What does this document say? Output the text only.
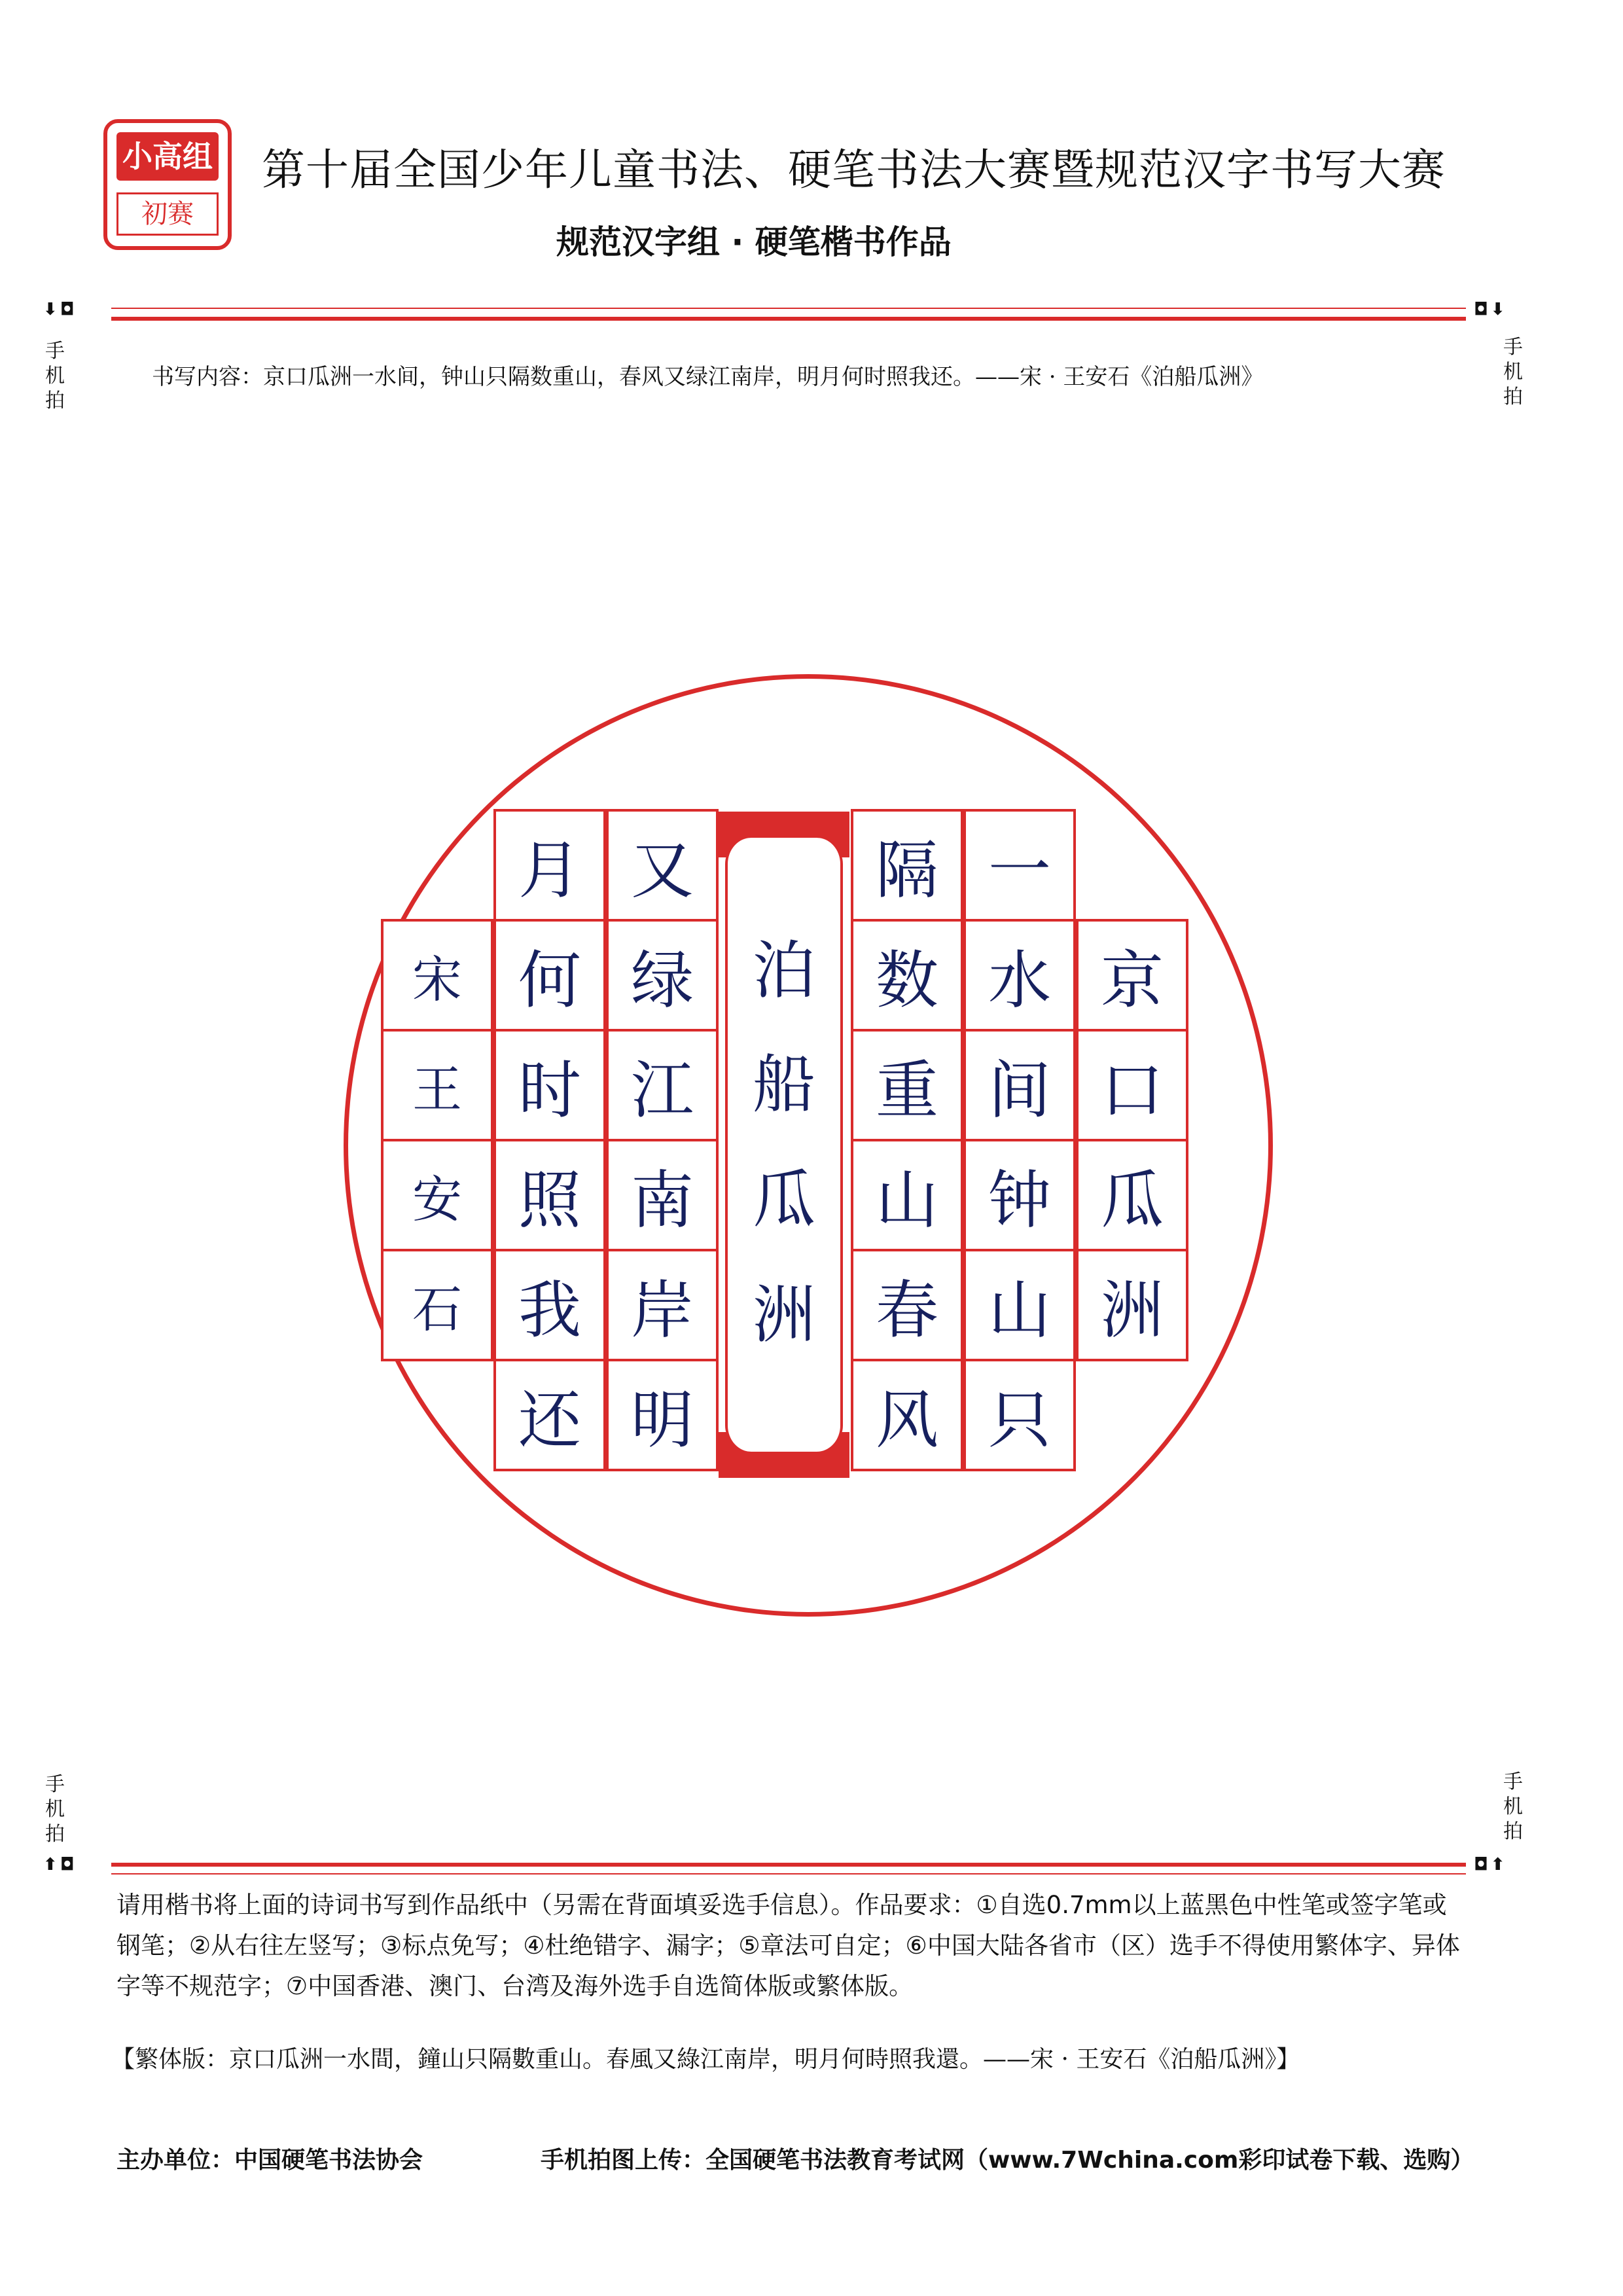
小高组
初赛
第十届全国少年儿童书法、硬笔书法大赛暨规范汉字书写大赛
规范汉字组 · 硬笔楷书作品
⬇◘
手机拍
◘⬇
手机拍
书写内容：京口瓜洲一水间，钟山只隔数重山，春风又绿江南岸，明月何时照我还。——宋 · 王安石《泊船瓜洲》
京
口
瓜
洲
一
水
间
钟
山
只
隔
数
重
山
春
风
泊
船
瓜
洲
又
绿
江
南
岸
明
月
何
时
照
我
还
宋
王
安
石
手机拍
⬆◘
手机拍
◘⬆
请用楷书将上面的诗词书写到作品纸中（另需在背面填妥选手信息）。作品要求：①自选0.7mm以上蓝黑色中性笔或签字笔或钢笔；②从右往左竖写；③标点免写；④杜绝错字、漏字；⑤章法可自定；⑥中国大陆各省市（区）选手不得使用繁体字、异体字等不规范字；⑦中国香港、澳门、台湾及海外选手自选简体版或繁体版。
【繁体版：京口瓜洲一水間，鐘山只隔數重山。春風又綠江南岸，明月何時照我還。——宋 · 王安石《泊船瓜洲》】
主办单位：中国硬笔书法协会	手机拍图上传：全国硬笔书法教育考试网（www.7Wchina.com彩印试卷下载、选购）
